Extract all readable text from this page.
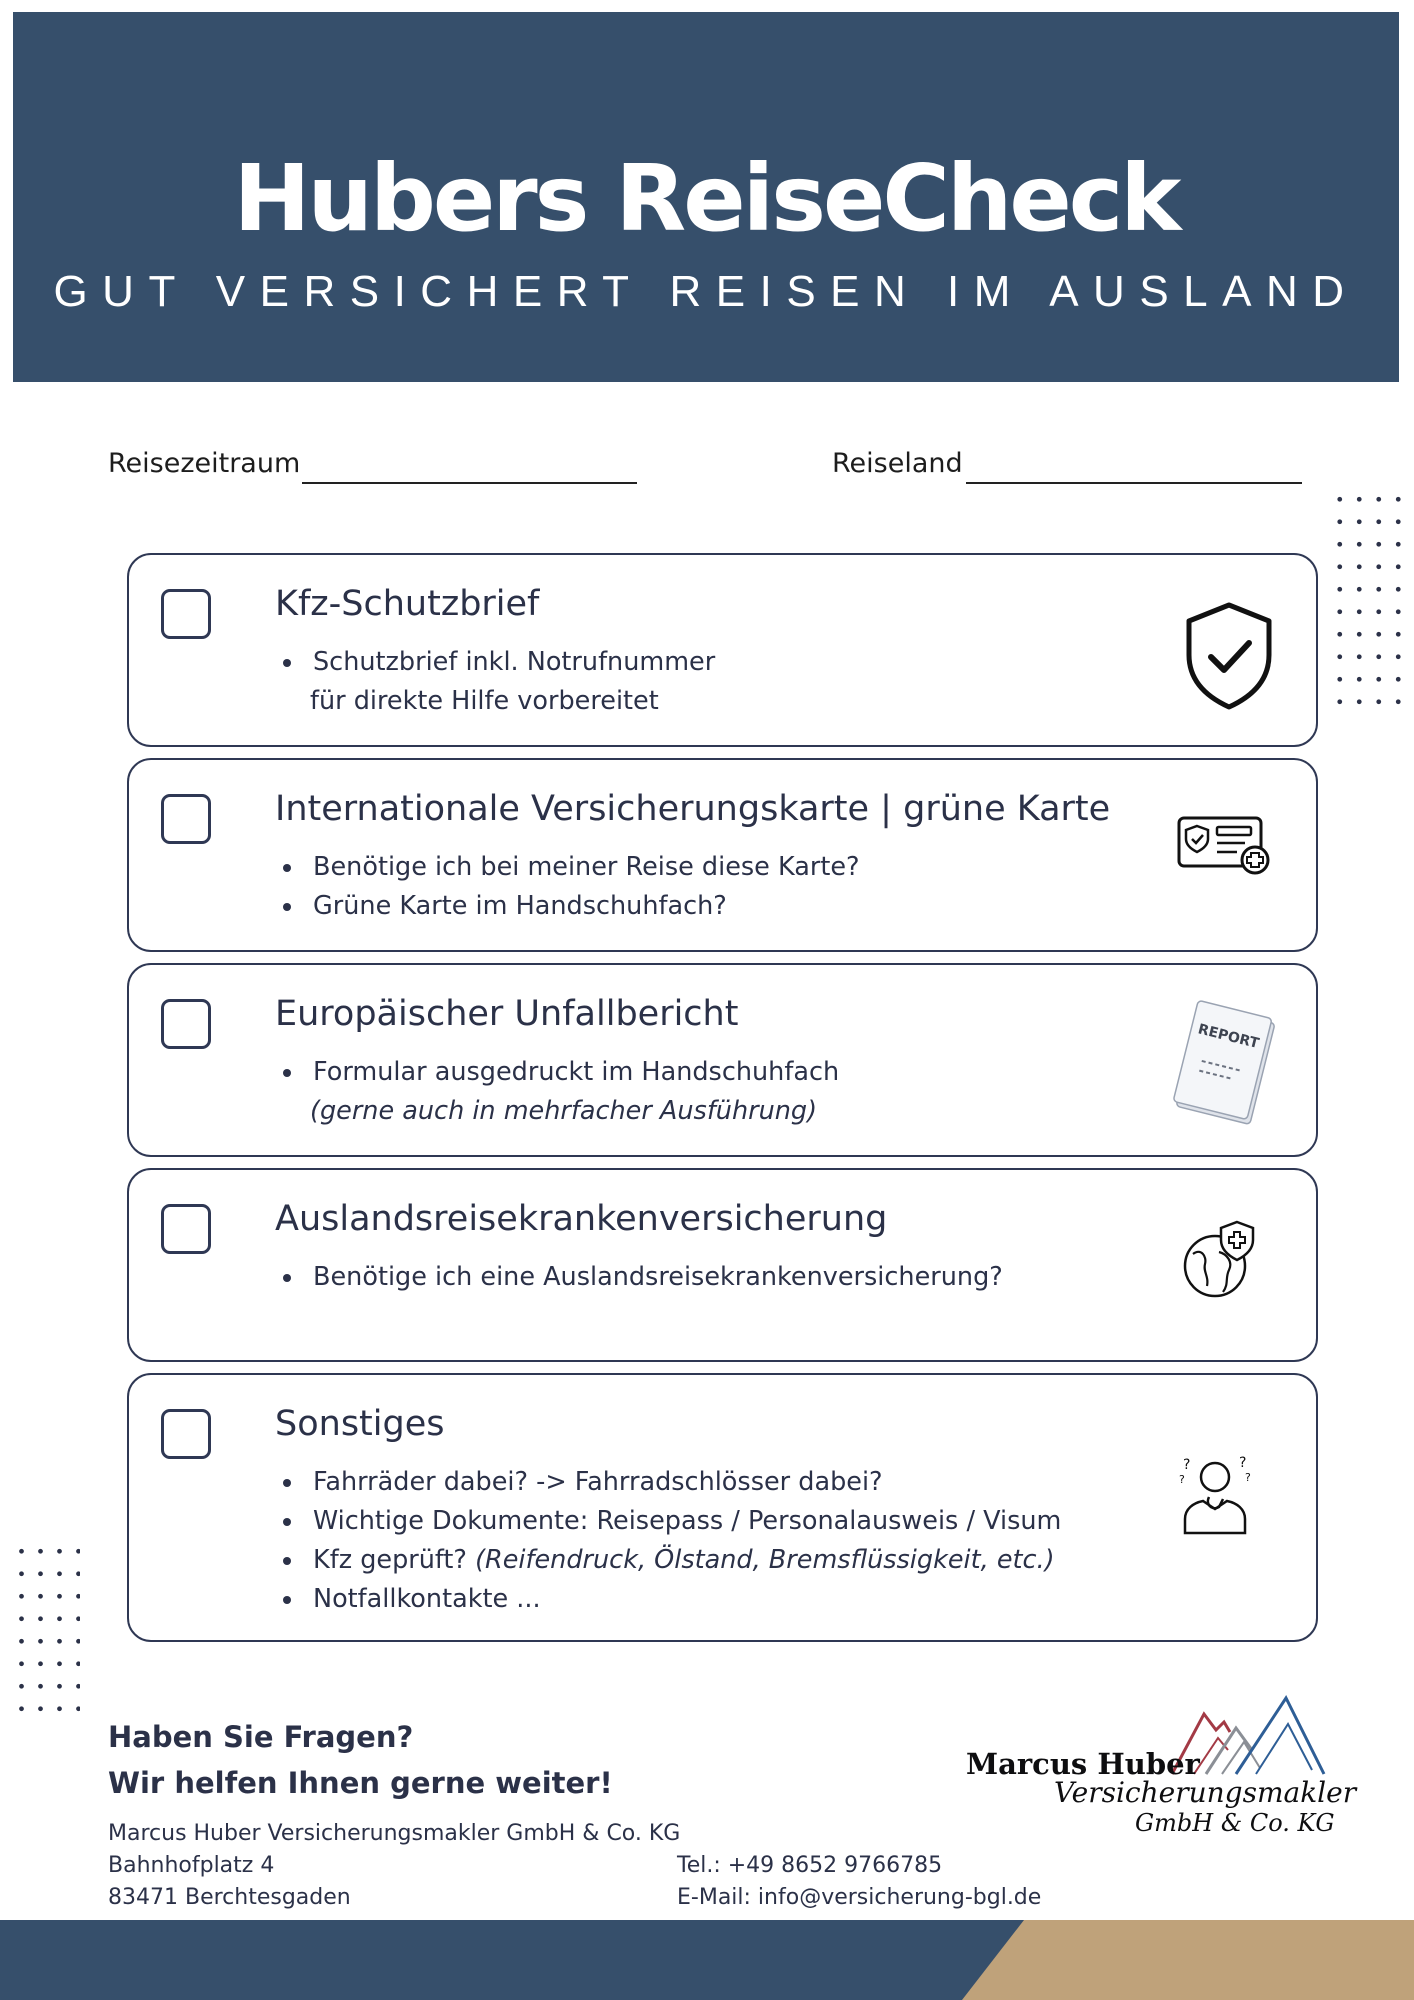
Hubers ReiseCheck
GUT VERSICHERT REISEN IM AUSLAND
Reisezeitraum	Reiseland
Kfz-Schutzbrief
Schutzbrief inkl. Notrufnummer
für direkte Hilfe vorbereitet
Internationale Versicherungskarte | grüne Karte
Benötige ich bei meiner Reise diese Karte?
Grüne Karte im Handschuhfach?
Europäischer Unfallbericht
Formular ausgedruckt im Handschuhfach
(gerne auch in mehrfacher Ausführung)
REPORT
Auslandsreisekrankenversicherung
Benötige ich eine Auslandsreisekrankenversicherung?
Sonstiges
Fahrräder dabei? -> Fahrradschlösser dabei?
Wichtige Dokumente: Reisepass / Personalausweis / Visum
Kfz geprüft? (Reifendruck, Ölstand, Bremsflüssigkeit, etc.)
Notfallkontakte ...
?	?
?	?
Haben Sie Fragen?
Wir helfen Ihnen gerne weiter!
Marcus Huber Versicherungsmakler GmbH & Co. KG
Bahnhofplatz 4
83471 Berchtesgaden
Tel.: +49 8652 9766785
E-Mail: info@versicherung-bgl.de
Marcus Huber
Versicherungsmakler
GmbH & Co. KG
